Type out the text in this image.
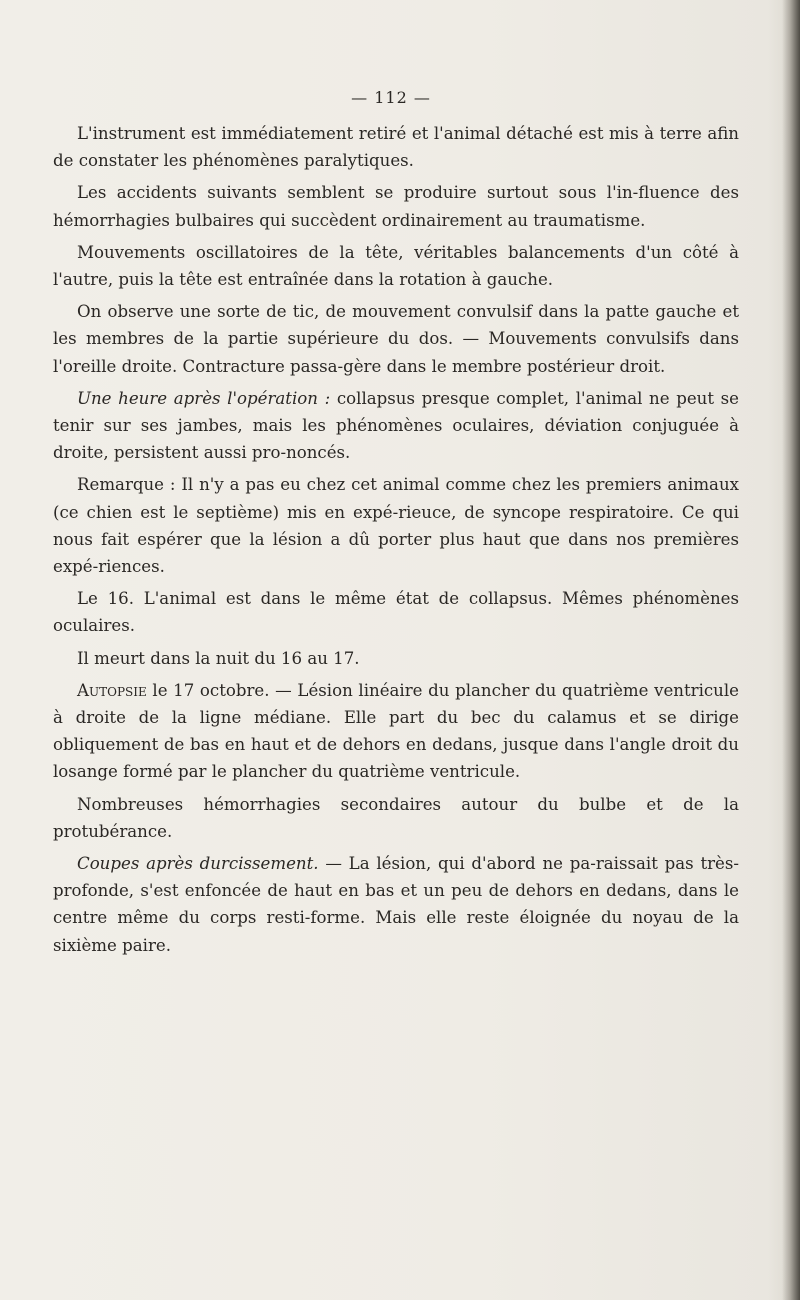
— 112 —

L'instrument est immédiatement retiré et l'animal détaché est mis à terre afin de constater les phénomènes paralytiques.

Les accidents suivants semblent se produire surtout sous l'in-fluence des hémorrhagies bulbaires qui succèdent ordinairement au traumatisme.

Mouvements oscillatoires de la tête, véritables balancements d'un côté à l'autre, puis la tête est entraînée dans la rotation à gauche.

On observe une sorte de tic, de mouvement convulsif dans la patte gauche et les membres de la partie supérieure du dos. — Mouvements convulsifs dans l'oreille droite. Contracture passa-gère dans le membre postérieur droit.

Une heure après l'opération : collapsus presque complet, l'animal ne peut se tenir sur ses jambes, mais les phénomènes oculaires, déviation conjuguée à droite, persistent aussi pro-noncés.

Remarque : Il n'y a pas eu chez cet animal comme chez les premiers animaux (ce chien est le septième) mis en expé-rieuce, de syncope respiratoire. Ce qui nous fait espérer que la lésion a dû porter plus haut que dans nos premières expé-riences.

Le 16. L'animal est dans le même état de collapsus. Mêmes phénomènes oculaires.

Il meurt dans la nuit du 16 au 17.

Autopsie le 17 octobre. — Lésion linéaire du plancher du quatrième ventricule à droite de la ligne médiane. Elle part du bec du calamus et se dirige obliquement de bas en haut et de dehors en dedans, jusque dans l'angle droit du losange formé par le plancher du quatrième ventricule.

Nombreuses hémorrhagies secondaires autour du bulbe et de la protubérance.

Coupes après durcissement. — La lésion, qui d'abord ne pa-raissait pas très-profonde, s'est enfoncée de haut en bas et un peu de dehors en dedans, dans le centre même du corps resti-forme. Mais elle reste éloignée du noyau de la sixième paire.
